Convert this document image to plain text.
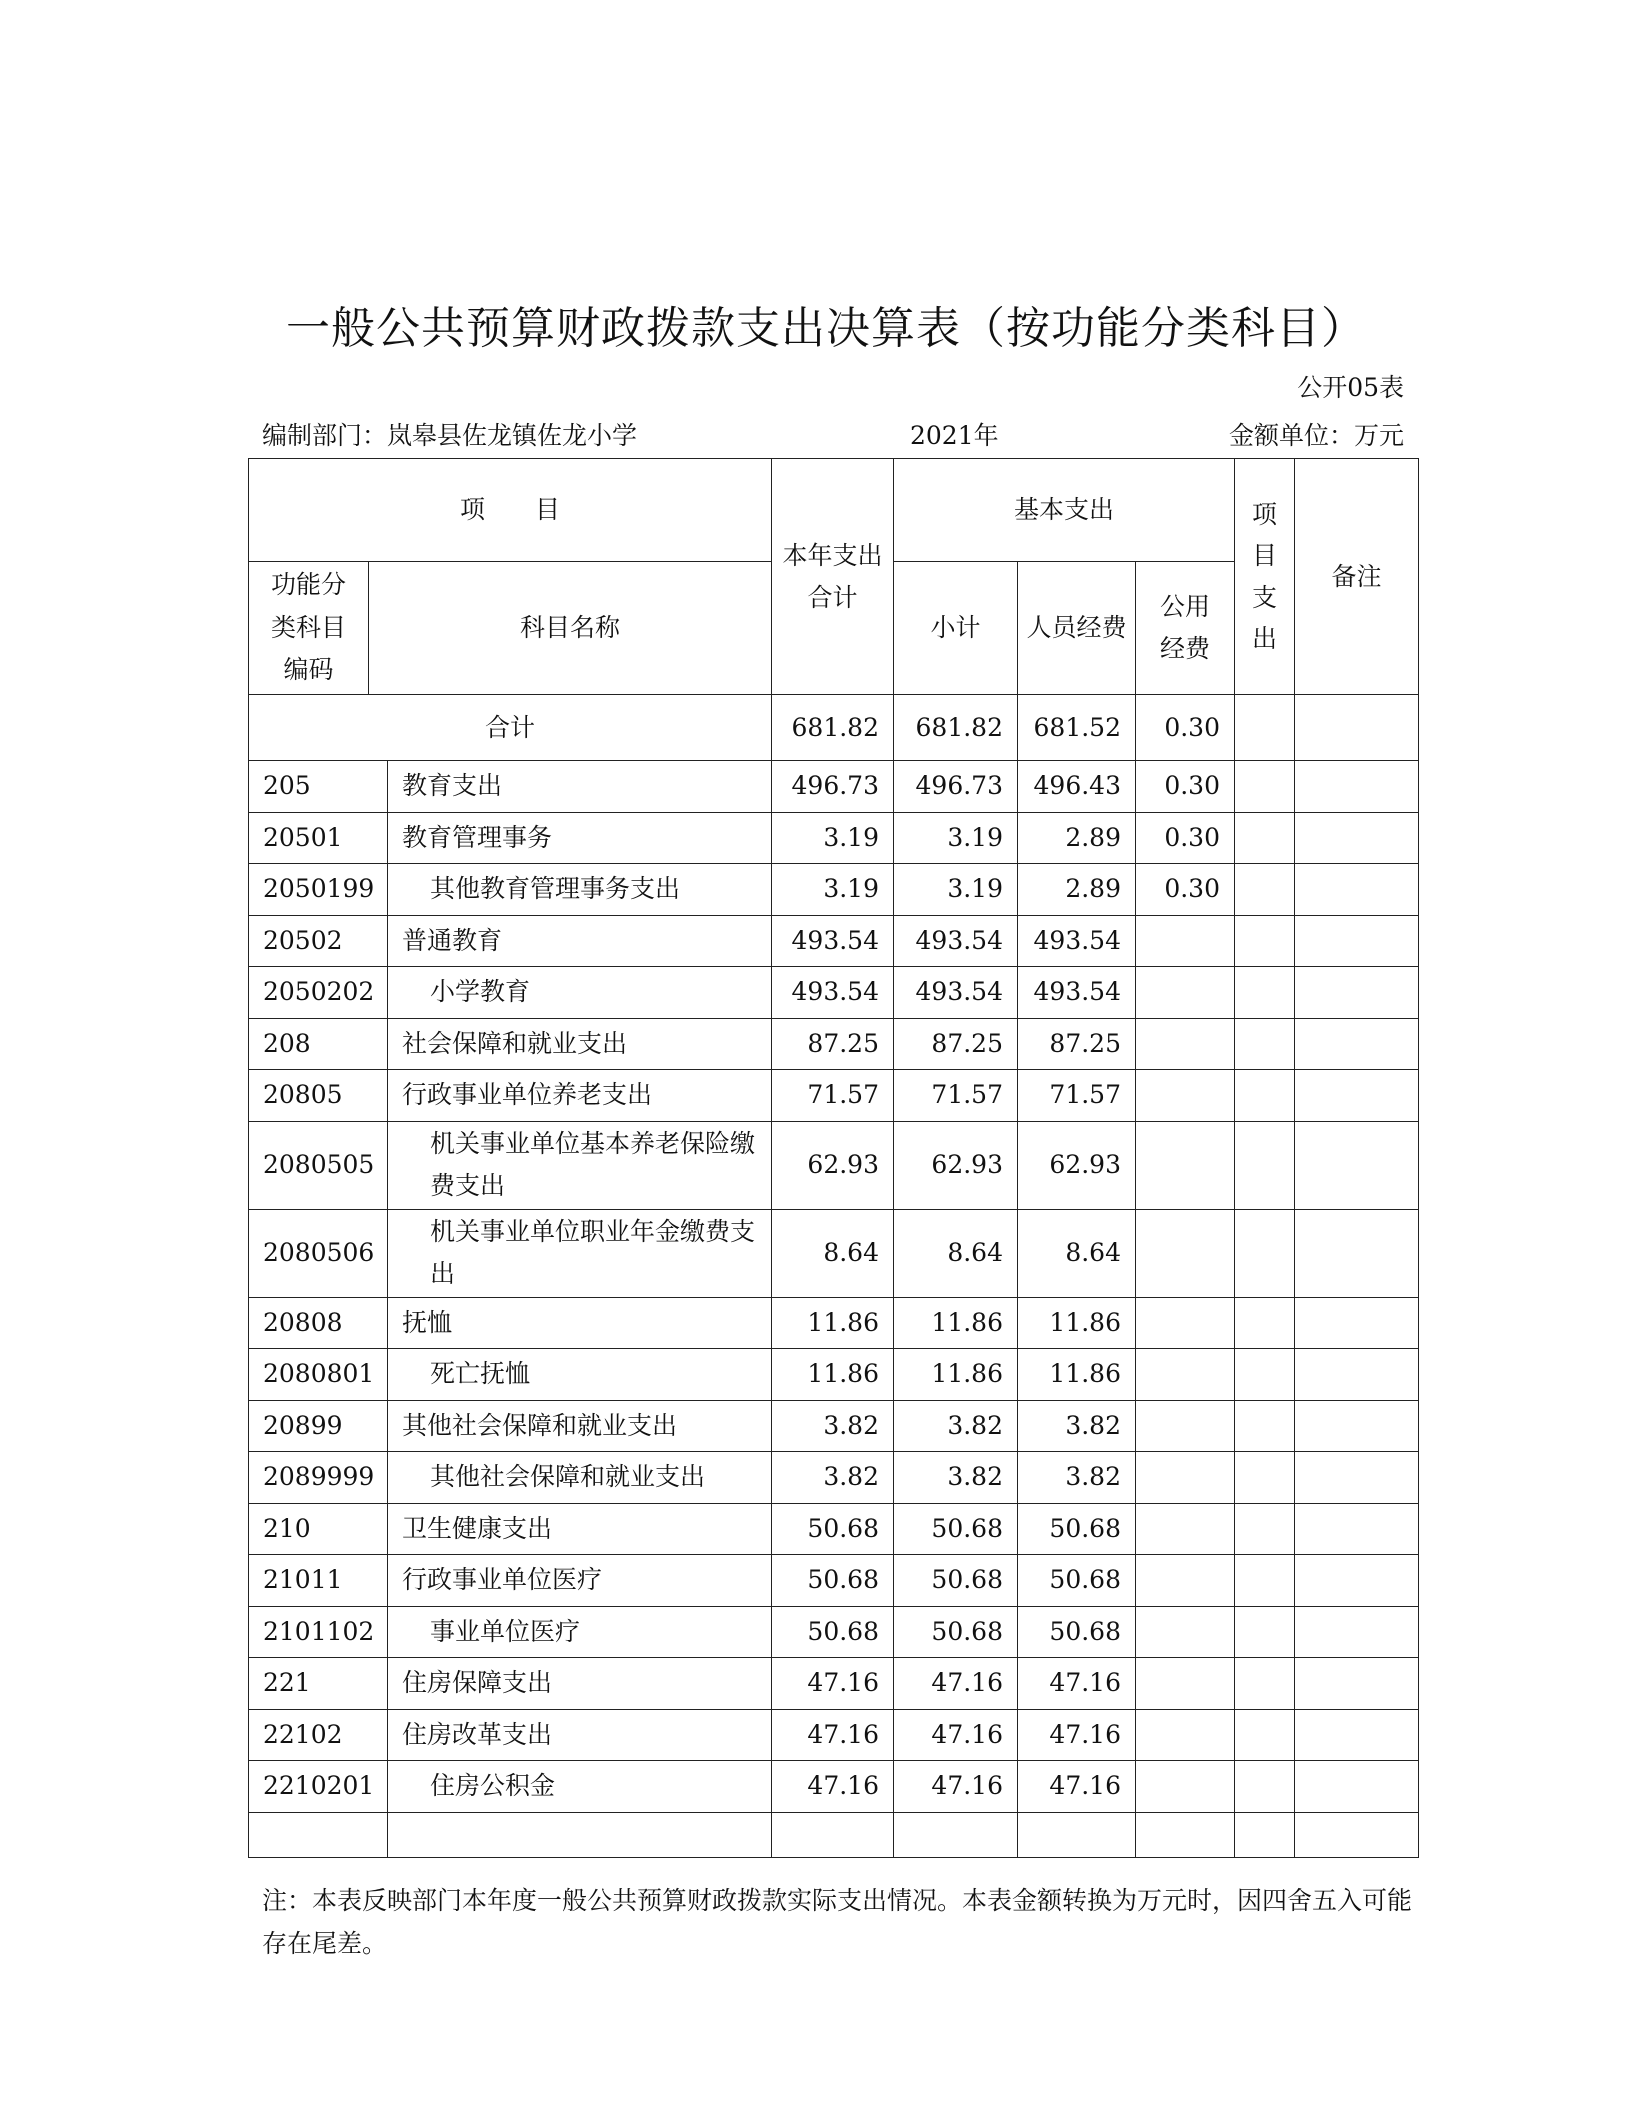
一般公共预算财政拨款支出决算表（按功能分类科目）
公开05表
编制部门：岚皋县佐龙镇佐龙小学	2021年	金额单位：万元
项　　目			本年支出合计	基本支出			项目支出	备注

功能分类科目编码	科目名称			小计	人员经费	公用经费		

合计			681.82	681.82	681.52	0.30		
205		教育支出	496.73	496.73	496.43	0.30		
20501		教育管理事务	3.19	3.19	2.89	0.30		
2050199		其他教育管理事务支出	3.19	3.19	2.89	0.30		
20502		普通教育	493.54	493.54	493.54			
2050202		小学教育	493.54	493.54	493.54			
208		社会保障和就业支出	87.25	87.25	87.25			
20805		行政事业单位养老支出	71.57	71.57	71.57			
2080505		机关事业单位基本养老保险缴费支出	62.93	62.93	62.93			
2080506		机关事业单位职业年金缴费支出	8.64	8.64	8.64			
20808		抚恤	11.86	11.86	11.86			
2080801		死亡抚恤	11.86	11.86	11.86			
20899		其他社会保障和就业支出	3.82	3.82	3.82			
2089999		其他社会保障和就业支出	3.82	3.82	3.82			
210		卫生健康支出	50.68	50.68	50.68			
21011		行政事业单位医疗	50.68	50.68	50.68			
2101102		事业单位医疗	50.68	50.68	50.68			
221		住房保障支出	47.16	47.16	47.16			
22102		住房改革支出	47.16	47.16	47.16			
2210201		住房公积金	47.16	47.16	47.16			

注：本表反映部门本年度一般公共预算财政拨款实际支出情况。本表金额转换为万元时，因四舍五入可能存在尾差。
